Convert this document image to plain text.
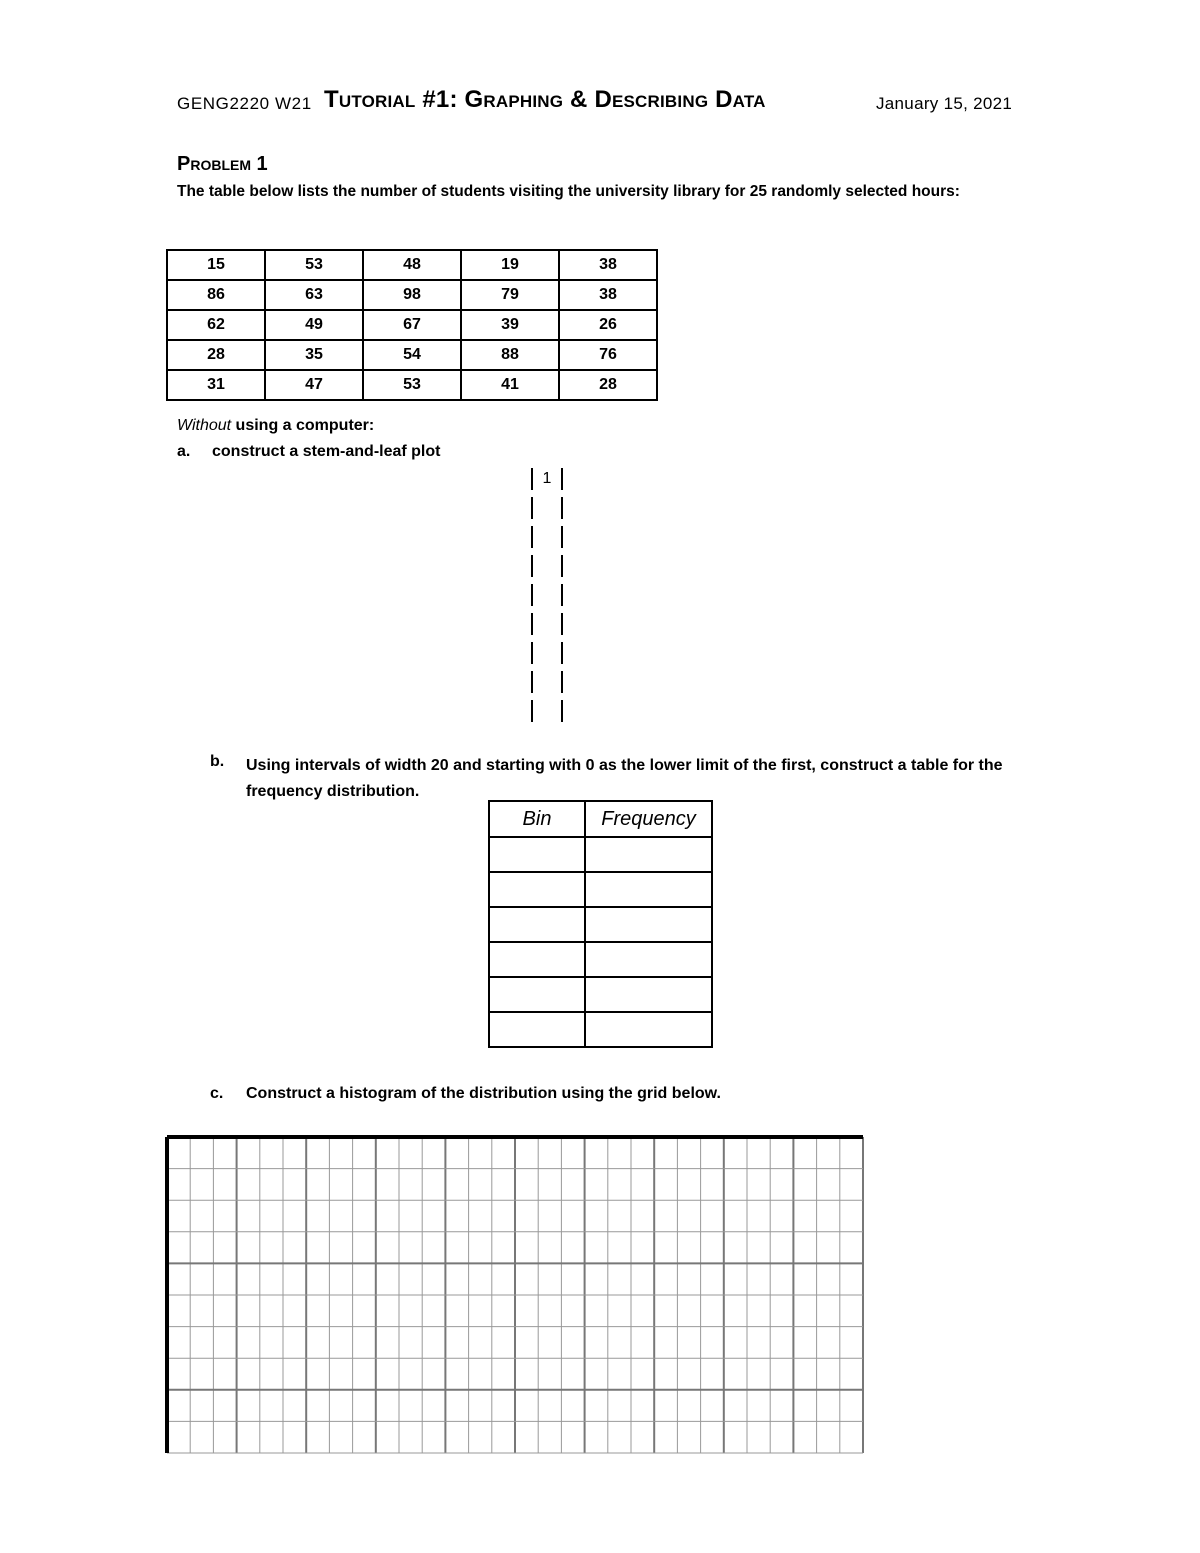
GENG2220 W21 Tutorial #1: Graphing & Describing Data	January 15, 2021
Problem 1
The table below lists the number of students visiting the university library for 25 randomly selected hours:
15	53	48	19	38
86	63	98	79	38
62	49	67	39	26
28	35	54	88	76
31	47	53	41	28
Without using a computer:
a. construct a stem-and-leaf plot
1
b. Using intervals of width 20 and starting with 0 as the lower limit of the first, construct a table for the frequency distribution.
Bin	Frequency

c. Construct a histogram of the distribution using the grid below.
